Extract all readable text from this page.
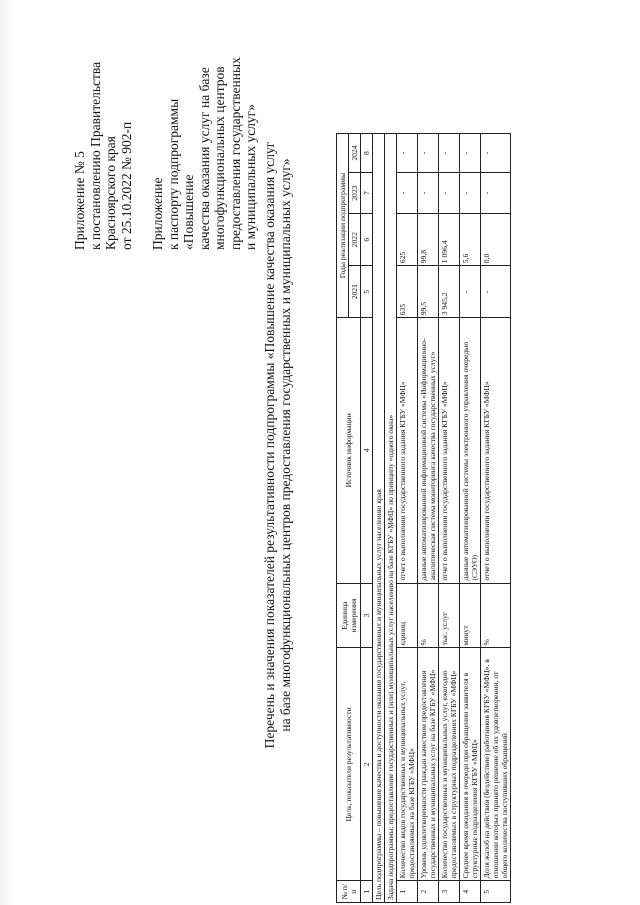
Приложение № 5 к постановлению Правительства Красноярского края от 25.10.2022 № 902-п Приложение к паспорту подпрограммы «Повышение качества оказания услуг на базе многофункциональных центров предоставления государственных и муниципальных услуг» Перечень и значения показателей результативности подпрограммы «Повышение качества оказания услуг на базе многофункциональных центров предоставления государственных и муниципальных услуг»

№ п/п	Цель, показатели результативности	Единица измерения	Источник информации	Годы реализации подпрограммы			
				2021	2022	2023	2024
1	2	3	4	5	6	7	8
Цель подпрограммы – повышение качества и доступности оказания государственных и муниципальных услуг населению края							
Задача подпрограммы: предоставление государственных и (или) муниципальных услуг населению на базе КГБУ «МФЦ» по принципу «одного окна»							
1	Количество видов государственных и муниципальных услуг, предоставляемых на базе КГБУ «МФЦ»	единиц	отчет о выполнении государственного задания КГБУ «МФЦ»	635	625	-	-
2	Уровень удовлетворенности граждан качеством предоставления государственных и муниципальных услуг на базе КГБУ «МФЦ»	%	данные автоматизированной информационной системы «Информационно-аналитическая система мониторинга качества государственных услуг»	99,5	99,8	-	-
3	Количество государственных и муниципальных услуг, ежегодно предоставляемых в структурных подразделениях КГБУ «МФЦ»	тыс. услуг	отчет о выполнении государственного задания КГБУ «МФЦ»	3 945,2	1 096,4	-	-
4	Среднее время ожидания в очереди при обращении заявителя в структурные подразделения КГБУ «МФЦ»	минут	данные автоматизированной системы электронного управления очередью (СЭУО)	-	5,6	-	-
5	Доля жалоб на действия (бездействие) работников КГБУ «МФЦ», в отношении которых принято решение об их удовлетворении, от общего количества поступивших обращений	%	отчет о выполнении государственного задания КГБУ «МФЦ»	-	0,0	-	-
